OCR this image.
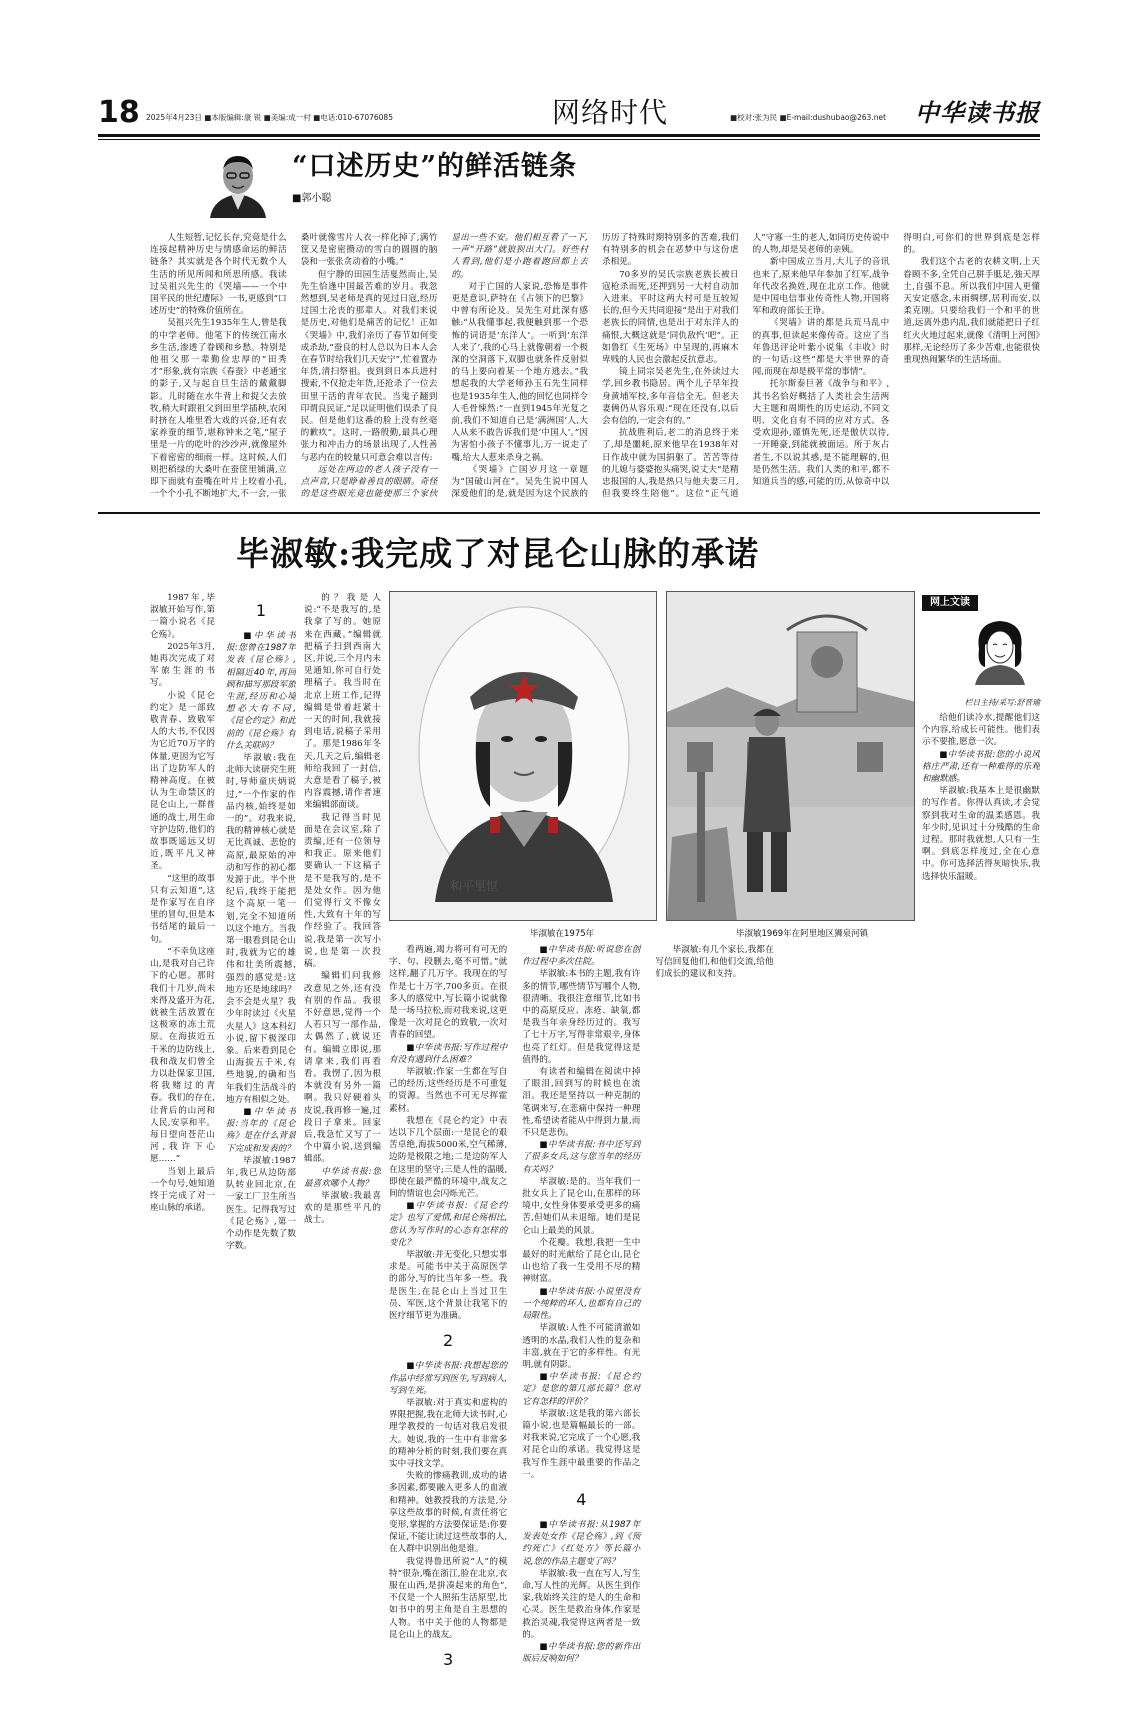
18 2025年4月23日 ■本版编辑:康 锐 ■美编:成一村 ■电话:010-67076085	网络时代	■校对:张为民 ■E-mail:dushubao@263.net	中华读书报
“口述历史”的鲜活链条
■郭小聪

人生短暂,记忆长存,究竟是什么连接起精神历史与情感命运的鲜活链条？其实就是各个时代无数个人生活的所见所闻和所思所感。我读过吴祖兴先生的《哭墙——一个中国平民的世纪遭际》一书,更感到“口述历史”的特殊价值所在。

吴祖兴先生1935年生人,曾是我的中学老师。他笔下的传统江南水乡生活,渗透了眷顾和乡愁。特别是他祖父那一辈勤俭忠厚的“田秀才”形象,就有宗族《春蚕》中老通宝的影子,又与起自旦生活的戴戴脚影。儿时随在水牛背上和捉父去放牧,稍大时跟祖父到田里学插秧,农闲时挤在人堆里看大戏的兴奋,还有农家养蚕的细节,堪称钟来之笔,“屋子里是一片的吃叶的沙沙声,就像屋外下着密密的细雨一样。这时候,人们则把稻绿的大桑叶在蚕筐里铺满,立即下面就有蚕嘴在叶片上咬着小孔,一个个小孔不断地扩大,不一会,一张桑叶就像雪片人衣一样化掉了,满竹筐又是密密攒动的雪白的圆圆的脑袋和一张张贪动着的小嘴。”

但宁静的田园生活戛然而止,吴先生恰逢中国最苦难的岁月。我忽然想到,吴老师是真的见过日寇,经历过国土沦丧的那辈人。对我们来说是历史,对他们是痛苦的记忆！正如《哭墙》中,我们亲历了春节如何变成杀劫,“蚕良的村人总以为日本人会在春节时给我们几天安宁”,忙着置办年货,清扫祭祖。夜到到日本兵进村搜索,不仅抢走年货,还抢杀了一位去田里干活的青年农民。当鬼子翻到印谓良民证,“足以证明他们误杀了良民。但是他们这番的脸上没有丝毫的歉疚”。这时,一路殷勤,最具心理张力和冲击力的场景出现了,人性善与恶内在的较量只可意会难以言传:

远处在两边的老人孩子没有一点声音,只是睁着善良的眼睛。奇怪的是这些眼光竟也能使那三个家伙显出一些不安。他们相互看了一下,一声“开路”就狼狈出大门。好些村人看到,他们是小跑着跑回都上去的。

对于亡国的人家说,恐怖是事件更是意识,萨特在《占领下的巴黎》中曾有所论及。吴先生对此深有感触:“从我懂事起,我便触到那一个恐怖的词语是‘东洋人’。一听到‘东洋人来了’,我的心马上就像朝着一个极深的空洞落下,双脚也就条件反射似的马上要向着某一个地方逃去。”我想起我的大学老师孙玉石先生同样也是1935年生人,他的回忆也同样令人毛骨悚然:“一直到1945年光复之前,我们不知道自己是‘满洲国’人,大人从来不敢告诉我们是‘中国人’。”因为害怕小孩子不懂事儿,万一说走了嘴,给大人惹来杀身之祸。

《哭墙》亡国岁月这一章题为“国破山河在”。吴先生说中国人深爱他们的是,就是因为这个民族的历历了特殊时期特别多的苦难,我们有特别多的机会在恶梦中与这份虐杀相见。

70多岁的吴氏宗族老族长被日寇枪杀而死,还押到另一大村自动加入进来。平时这两大村可是互较短长的,但今天共同迎接“是出于对我们老族长的同情,也是出于对东洋人的痛恨,大概这就是‘同仇敌忾’吧”。正如鲁红《生死场》中呈现的,再麻木卑贱的人民也会激起反抗意志。

镜上同宗吴老先生,在外读过大学,回乡教书隐居。两个儿子早年投身黄埔军校,多年音信全无。但老夫妻俩仍从容乐观:“现在还没有,以后会有信的,一定会有的。”

抗战胜利后,老二的消息终于来了,却是噩耗,原来他早在1938年对日作战中就为国捐躯了。苦苦等待的儿媳与婆婆抱头痛哭,说丈夫“是精忠报国的人,我是热只与他夫妻三月,但我要终生陪他”。这位“正气道人”守寡一生的老人,如同历史传说中的人物,却是吴老师的亲姨。

新中国成立当月,大儿子的音讯也来了,原来他早年参加了红军,战争年代改名换姓,现在北京工作。他就是中国电信事业传奇性人物,开国将军和政府部长王诤。

《哭墙》讲的都是兵荒马乱中的真事,但读起来像传奇。这应了当年鲁迅评论叶紫小说集《丰收》时的一句话:这些“都是大半世界的奇闻,而现在却是极平常的事情”。

托尔斯泰巨著《战争与和平》,其书名恰好概括了人类社会生活两大主题和周期性的历史运动,不同文明、文化自有不同的应对方式。各受欢迎孙,谨慎先死,还是傲伏以待,一开睡豪,到能就被面运。所于灰占者生,不以说其惑,是不能理解的,但是仍然生活。我们人类的和平,都不知道兵当的感,可能的历,从惊奇中以得明白,可你们的世界到底是怎样的。

我们这个古老的农耕文明,上天眷顾不多,全凭自己胼手胝足,強天厚土,自强不息。所以我们中国人更懂天安定感念,未雨绸缪,居利而安,以柔克刚。只要给我们一个和平的世道,远离外患内乱,我们就能把日子红红火火地过起来,就像《清明上河图》那样,无论经历了多少苦难,也能很快重现热闹繁华的生活场面。

毕淑敏:我完成了对昆仑山脉的承诺

1987年,毕淑敏开始写作,第一篇小说名《昆仑殇》。

2025年3月,她再次完成了对军旅生涯的书写。

小说《昆仑约定》是一部致敬青春、致敬军人的大书,不仅因为它近70万字的体量,更因为它写出了边防军人的精神高度。在被认为生命禁区的昆仑山上,一群普通的战士,用生命守护边防,他们的故事既遥远又切近,既平凡又神圣。

“这里的故事只有云知道”,这是作家写在自序里的冒句,但是本书结尾的最后一句。

“不幸负这座山,是我对自己许下的心愿。那时我们十几岁,尚未来得及盛开为花,就被生活放置在这极寒的冻土荒原。在海拔近五千米的边防线上,我和战友们曾全力以赴保家卫国,将我赌过的青春。我们的存在,让背后的山河和人民,安享和平。每日望向苍茫山河,我许下心愿……”

当划上最后一个句号,她知道终于完成了对一座山脉的承诺。

1

■中华读书报:您曾在1987年发表《昆仑殇》,相隔近40年,再回顾和描写那段军旅生涯,经历和心境想必大有不同,《昆仑约定》和此前的《昆仑殇》有什么关联吗？

毕淑敏:我在北师大读研究生班时,导师童庆炳说过,“一个作家的作品内核,始终是如一的”。对我来说,我的精神核心就是无比真诚、悲怆的高原,最原始的冲动和写作的初心都发源于此。半个世纪后,我终于能把这个高原一笔一划,完全不知道所以这个地方。当我第一眼看到昆仑山时,我就为它的雄伟和壮美所震撼,强烈的感觉是:这地方还是地球吗？会不会是火星？我少年时读过《火星火星人》这本科幻小说,留下极深印象。后来看到昆仑山海拔五千米,有些地貌,的确和当年我们生活战斗的地方有相似之处。

■中华读书报:当年的《昆仑殇》是在什么背景下完成和发表的？

毕淑敏:1987年,我已从边防部队转业回北京,在一家工厂卫生所当医生。记得我写过《昆仑殇》,第一个动作是先数了数字数。

的？我是人说:“不是我写的,是我拿了写的。她原来在西藏。”编辑就把稿子扫到西南大区,并说,三个月内未见通知,你可自行处理稿子。我当时在北京上班工作,记得编辑是带着赶紧十一天的时间,我就接到电话,说稿子采用了。那是1986年冬天,几天之后,编辑老师给我回了一封信,大意是看了稿子,被内容震撼,请作者速来编辑部面谈。

我记得当时见面是在会议室,除了责编,还有一位领导和我正。原来他们要确认一下这稿子是不是我写的,是不是处女作。因为他们觉得行文不像女性,大致有十年的写作经验了。我回答说,我是第一次写小说,也是第一次投稿。

编辑们问我修改意见之外,还有没有别的作品。我很不好意思,觉得一个人若只写一部作品,太偶然了,就说还有。编辑立即说,那请拿来,我们再看看。我愣了,因为根本就没有另外一篇啊。我只好硬着头皮说,我再修一遍,过段日子拿来。回家后,我急忙又写了一个中篇小说,送到编辑部。

中华读书报:您最喜欢哪个人物？

毕淑敏:我最喜欢的是那些平凡的战士。

和平里恒
毕淑敏在1975年	毕淑敏1969年在阿里地区狮泉河镇
网上文读
栏目主持/采写:舒晋瑜

给他们读冷水,提醒他们这个内容,给成长可能性。他们表示不要推,愿意一次。

■中华读书报:您的小说风格庄严肃,还有一种难得的乐观和幽默感。

毕淑敏:我基本上是很幽默的写作者。你得认真读,才会觉察到我对生命的温柔感恩。我年少时,见识过十分残酷的生命过程。那时我就想,人只有一生啊。到底怎样度过,全在心意中。你可选择活得灰暗快乐,我选择快乐温暖。

看两遍,竭力将可有可无的字、句、段删去,毫不可惜。”就这样,翻了几万字。我现在的写作是七十万字,700多页。在很多人的感觉中,写长篇小说就像是一场马拉松,而对我来说,这更像是一次对昆仑的致敬,一次对青春的回望。

■中华读书报:写作过程中有没有遇到什么困难？

毕淑敏:作家一生都在写自己的经历,这些经历是不可重复的资源。当然也不可无尽挥霍素材。

我想在《昆仑约定》中表达以下几个层面:一是昆仑的艰苦卓绝,海拔5000米,空气稀薄,边防是极限之地;二是边防军人在这里的坚守;三是人性的温暖,即使在最严酷的环境中,战友之间的情谊也会闪烁光芒。

■中华读书报:《昆仑约定》也写了爱情,和昆仑殇相比,您认为写作时的心态有怎样的变化？

毕淑敏:并无变化,只想实事求是。可能书中关于高原医学的部分,写的比当年多一些。我是医生,在昆仑山上当过卫生员、军医,这个背景让我笔下的医疗细节更为准确。

2

■中华读书报:我想起您的作品中经常写到医生,写到病人,写到生死。

毕淑敏:对于真实和虚构的界限把握,我在北师大读书时,心理学教授的一句话对我启发很大。她说,我的一生中有非常多的精神分析的时刻,我们要在真实中寻找文学。

失败的惨痛教训,成功的诸多因素,都要融入更多人的血液和精神。她教授我的方法是,分享这些故事的时候,有责任将它变形,掌握的方法要保证是:你要保证,不能让读过这些故事的人,在人群中识别出他是谁。

我觉得鲁迅所说“人”的模特“很杂,嘴在浙江,脸在北京,衣服在山西,是拼凑起来的角色”,不仅是一个人照拓生活原型,比如书中的男主角是自主思想的人物。书中关于他的人物都是昆仑山上的战友。

3

■中华读书报:听说您在创作过程中多次住院。

毕淑敏:本书的主题,我有许多的情节,哪些情节写哪个人物,很清晰。我很注意细节,比如书中的高原反应、冻疮、缺氧,都是我当年亲身经历过的。我写了七十万字,写得非常艰辛,身体也亮了红灯。但是我觉得这是值得的。

有读者和编辑在阅读中掉了眼泪,回到写的时候也在流泪。我还是坚持以一种克制的笔调来写,在悲痛中保持一种理性,希望读者能从中得到力量,而不只是悲伤。

■中华读书报:书中还写到了很多女兵,这与您当年的经历有关吗？

毕淑敏:是的。当年我们一批女兵上了昆仑山,在那样的环境中,女性身体要承受更多的痛苦,但她们从未退缩。她们是昆仑山上最美的风景。

个花瓣。我想,我把一生中最好的时光献给了昆仑山,昆仑山也给了我一生受用不尽的精神财富。

■中华读书报:小说里没有一个纯粹的坏人,也都有自己的局限性。

毕淑敏:人性不可能清澈如透明的水晶,我们人性的复杂和丰富,就在于它的多样性。有光明,就有阴影。

■中华读书报:《昆仑约定》是您的第几部长篇？您对它有怎样的评价？

毕淑敏:这是我的第六部长篇小说,也是篇幅最长的一部。对我来说,它完成了一个心愿,我对昆仑山的承诺。我觉得这是我写作生涯中最重要的作品之一。

4

■中华读书报:从1987年发表处女作《昆仑殇》,到《预约死亡》《红处方》等长篇小说,您的作品主题变了吗？

毕淑敏:我一直在写人,写生命,写人性的光辉。从医生到作家,我始终关注的是人的生命和心灵。医生是救治身体,作家是救治灵魂,我觉得这两者是一致的。

■中华读书报:您的新作出版后反响如何？

毕淑敏:有几个家长,我都在写信回复他们,和他们交流,给他们成长的建议和支持。
